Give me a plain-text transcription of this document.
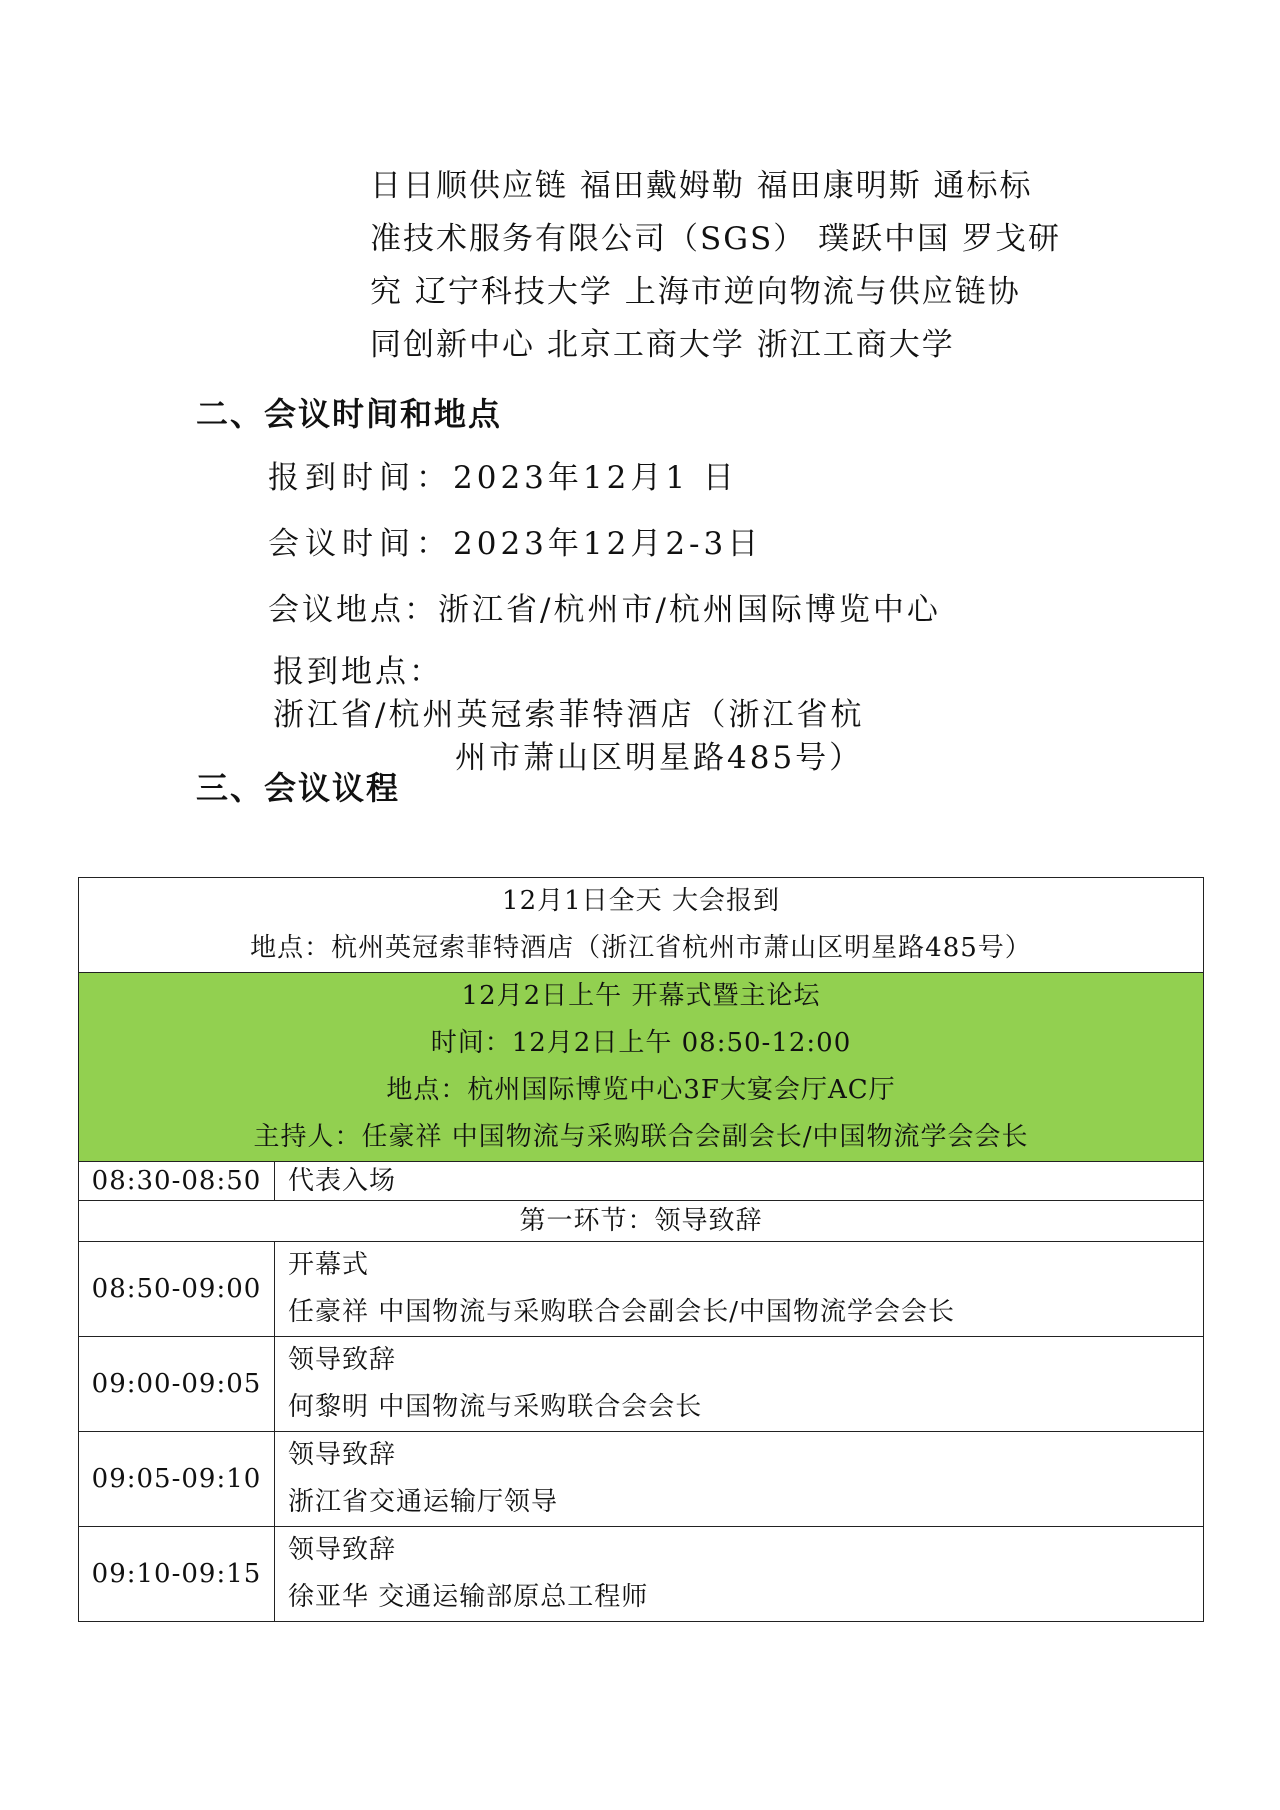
日日顺供应链 福田戴姆勒 福田康明斯 通标标
准技术服务有限公司（SGS） 璞跃中国 罗戈研
究 辽宁科技大学 上海市逆向物流与供应链协
同创新中心 北京工商大学 浙江工商大学
二、会议时间和地点
报到时间：2023年12月1 日
会议时间：2023年12月2-3日
会议地点：浙江省/杭州市/杭州国际博览中心
报到地点：
浙江省/杭州英冠索菲特酒店（浙江省杭
州市萧山区明星路485号）
三、会议议程
12月1日全天 大会报到
地点：杭州英冠索菲特酒店（浙江省杭州市萧山区明星路485号）	

12月2日上午 开幕式暨主论坛
时间：12月2日上午 08:50-12:00
地点：杭州国际博览中心3F大宴会厅AC厅
主持人：任豪祥 中国物流与采购联合会副会长/中国物流学会会长	

08:30-08:50	代表入场
第一环节：领导致辞	
08:50-09:00	开幕式
任豪祥 中国物流与采购联合会副会长/中国物流学会会长

09:00-09:05	领导致辞
何黎明 中国物流与采购联合会会长

09:05-09:10	领导致辞
浙江省交通运输厅领导

09:10-09:15	领导致辞
徐亚华 交通运输部原总工程师
